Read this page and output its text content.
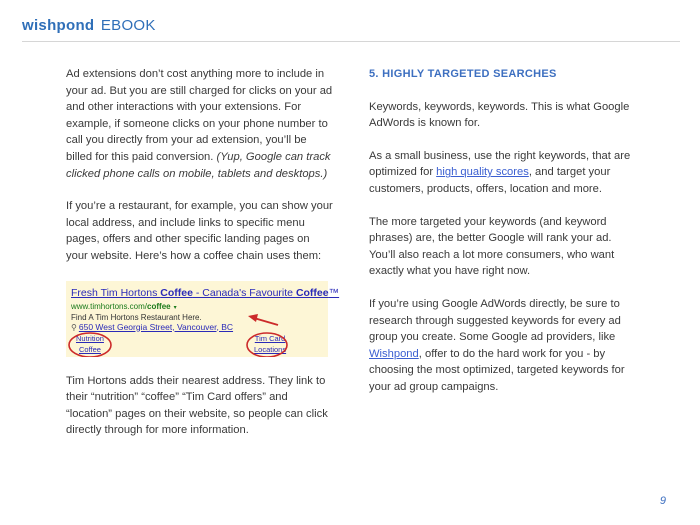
wishpond EBOOK

Ad extensions don’t cost anything more to include in your ad. But you are still charged for clicks on your ad and other interactions with your extensions. For example, if someone clicks on your phone number to call you directly from your ad extension, you’ll be billed for this paid conversion. (Yup, Google can track clicked phone calls on mobile, tablets and desktops.)

If you’re a restaurant, for example, you can show your local address, and include links to specific menu pages, offers and other specific landing pages on your website. Here’s how a coffee chain uses them:

Fresh Tim Hortons Coffee - Canada's Favourite Coffee™
www.timhortons.com/coffee ▾
Find A Tim Hortons Restaurant Here.
⚲ 650 West Georgia Street, Vancouver, BC
Nutrition
Coffee
Tim Card
Locations

Tim Hortons adds their nearest address. They link to their “nutrition” “coffee” “Tim Card offers” and “location” pages on their website, so people can click directly through for more information.

5. HIGHLY TARGETED SEARCHES

Keywords, keywords, keywords. This is what Google AdWords is known for.

As a small business, use the right keywords, that are optimized for high quality scores, and target your customers, products, offers, location and more.

The more targeted your keywords (and keyword phrases) are, the better Google will rank your ad. You’ll also reach a lot more consumers, who want exactly what you have right now.

If you’re using Google AdWords directly, be sure to research through suggested keywords for every ad group you create. Some Google ad providers, like Wishpond, offer to do the hard work for you - by choosing the most optimized, targeted keywords for your ad group campaigns.

9
